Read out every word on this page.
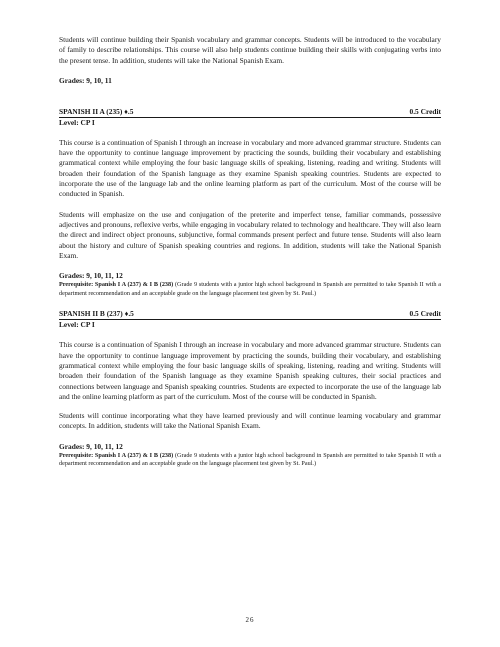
Students will continue building their Spanish vocabulary and grammar concepts. Students will be introduced to the vocabulary of family to describe relationships. This course will also help students continue building their skills with conjugating verbs into the present tense. In addition, students will take the National Spanish Exam.

Grades: 9, 10, 11
SPANISH II A (235) ♦.5	0.5 Credit
Level: CP I

This course is a continuation of Spanish I through an increase in vocabulary and more advanced grammar structure. Students can have the opportunity to continue language improvement by practicing the sounds, building their vocabulary and establishing grammatical context while employing the four basic language skills of speaking, listening, reading and writing. Students will broaden their foundation of the Spanish language as they examine Spanish speaking countries. Students are expected to incorporate the use of the language lab and the online learning platform as part of the curriculum. Most of the course will be conducted in Spanish.

Students will emphasize on the use and conjugation of the preterite and imperfect tense, familiar commands, possessive adjectives and pronouns, reflexive verbs, while engaging in vocabulary related to technology and healthcare. They will also learn the direct and indirect object pronouns, subjunctive, formal commands present perfect and future tense. Students will also learn about the history and culture of Spanish speaking countries and regions. In addition, students will take the National Spanish Exam.

Grades: 9, 10, 11, 12
Prerequisite: Spanish I A (237) & I B (238) (Grade 9 students with a junior high school background in Spanish are permitted to take Spanish II with a department recommendation and an acceptable grade on the language placement test given by St. Paul.)
SPANISH II B (237) ♦.5	0.5 Credit
Level: CP I

This course is a continuation of Spanish I through an increase in vocabulary and more advanced grammar structure. Students can have the opportunity to continue language improvement by practicing the sounds, building their vocabulary, and establishing grammatical context while employing the four basic language skills of speaking, listening, reading and writing. Students will broaden their foundation of the Spanish language as they examine Spanish speaking cultures, their social practices and connections between language and Spanish speaking countries. Students are expected to incorporate the use of the language lab and the online learning platform as part of the curriculum. Most of the course will be conducted in Spanish.

Students will continue incorporating what they have learned previously and will continue learning vocabulary and grammar concepts. In addition, students will take the National Spanish Exam.

Grades: 9, 10, 11, 12
Prerequisite: Spanish I A (237) & I B (238) (Grade 9 students with a junior high school background in Spanish are permitted to take Spanish II with a department recommendation and an acceptable grade on the language placement test given by St. Paul.)
26
